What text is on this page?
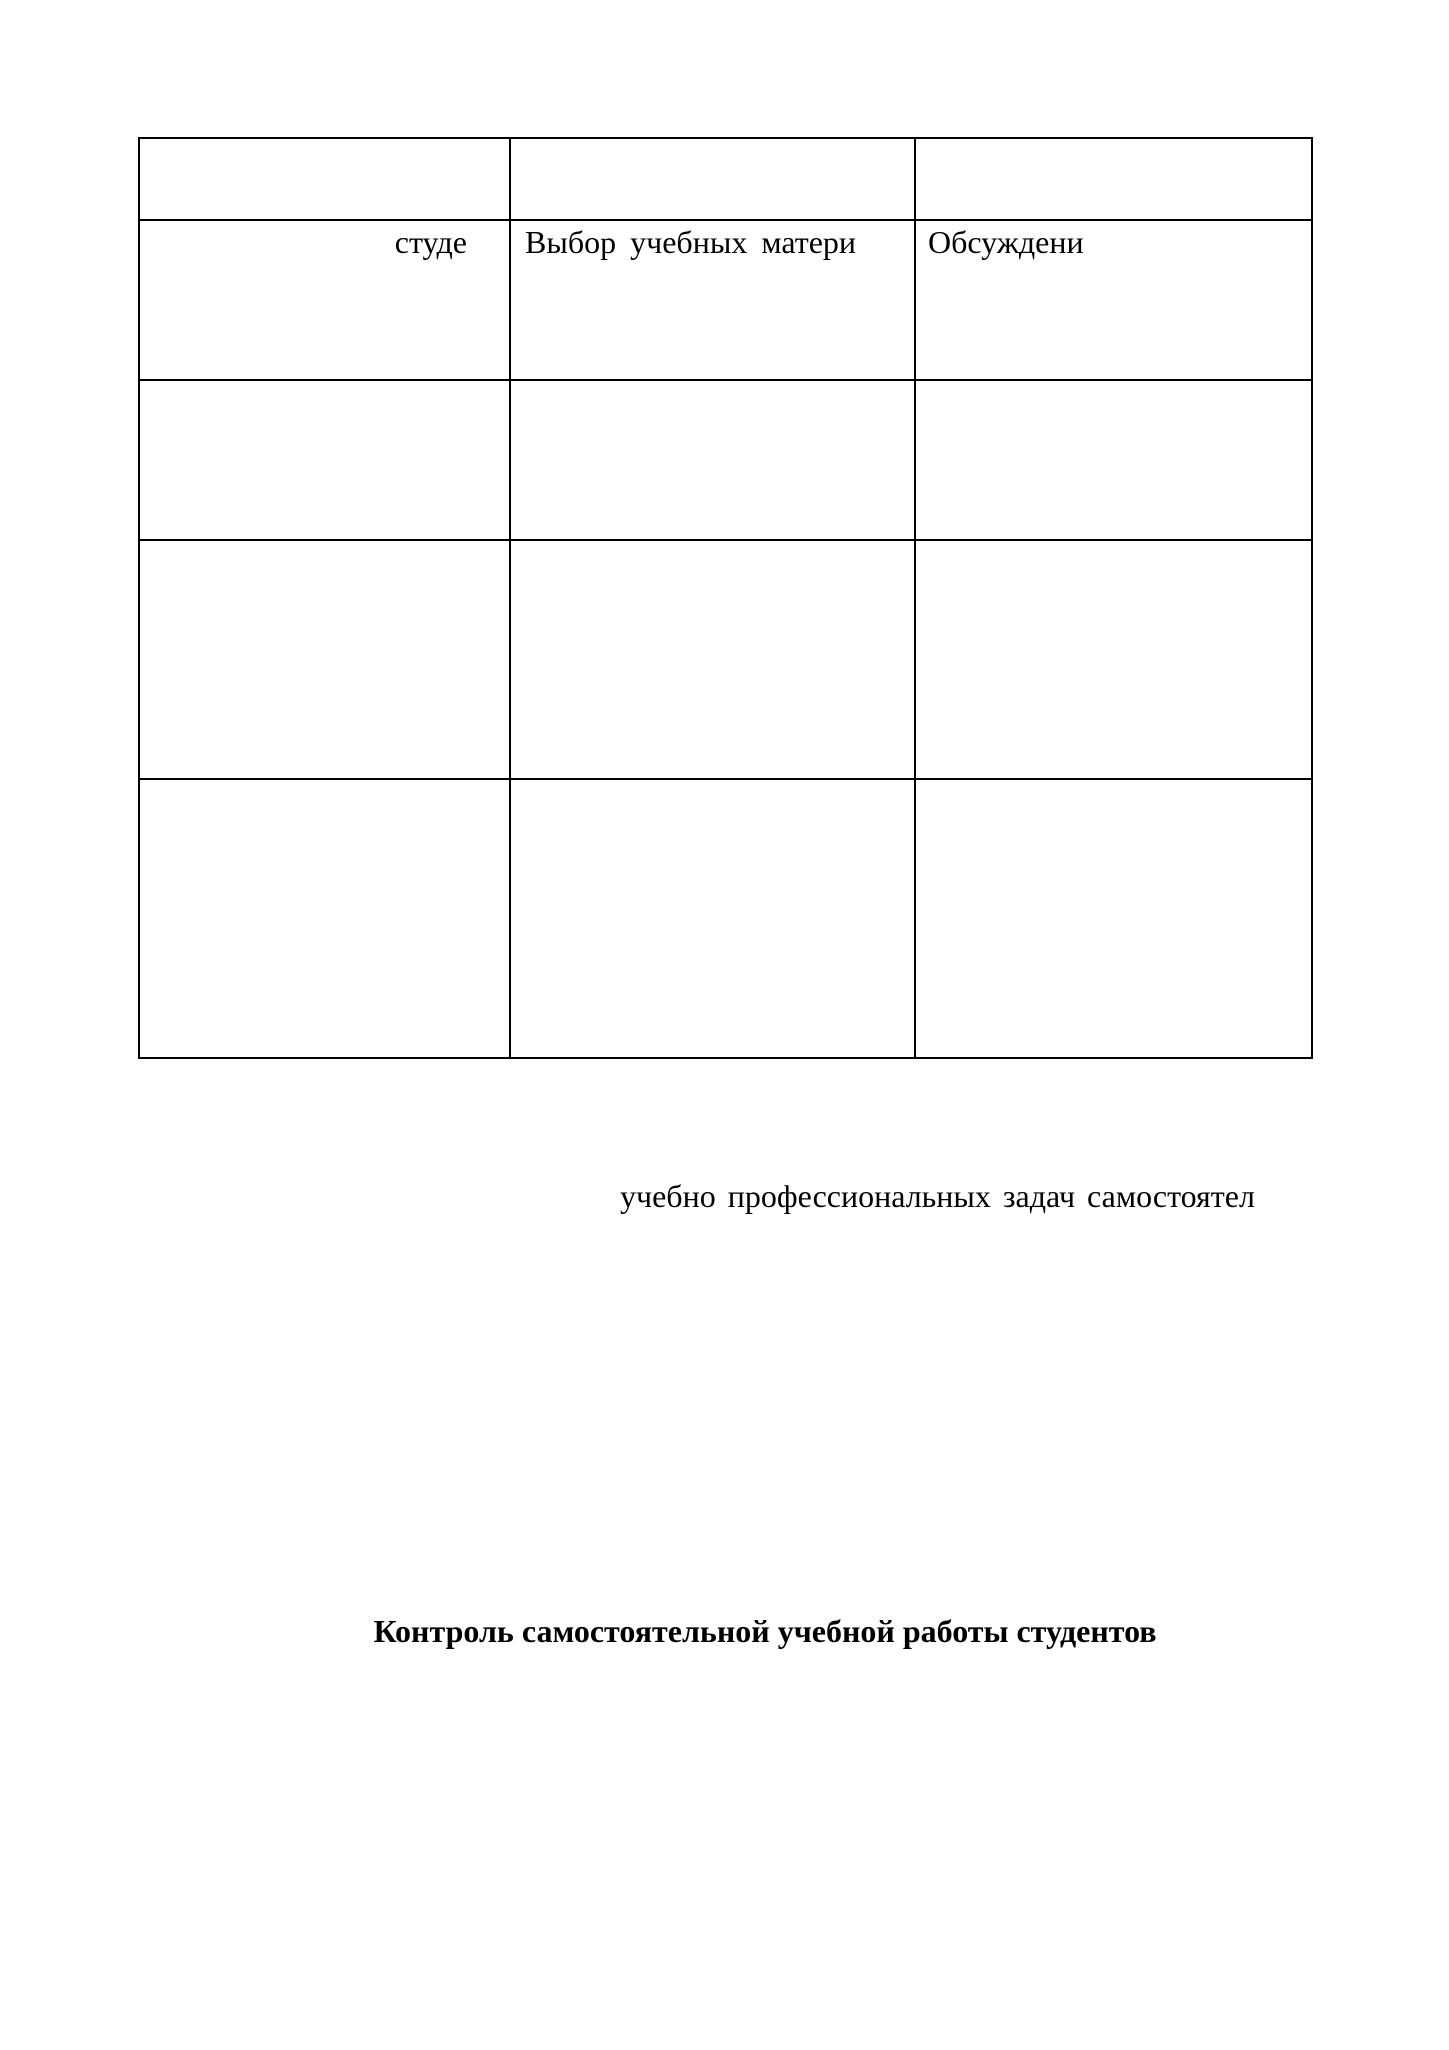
студе	Выбор учебных матери	Обсуждени

учебно профессиональных задач самостоятел
Контроль самостоятельной учебной работы студентов
